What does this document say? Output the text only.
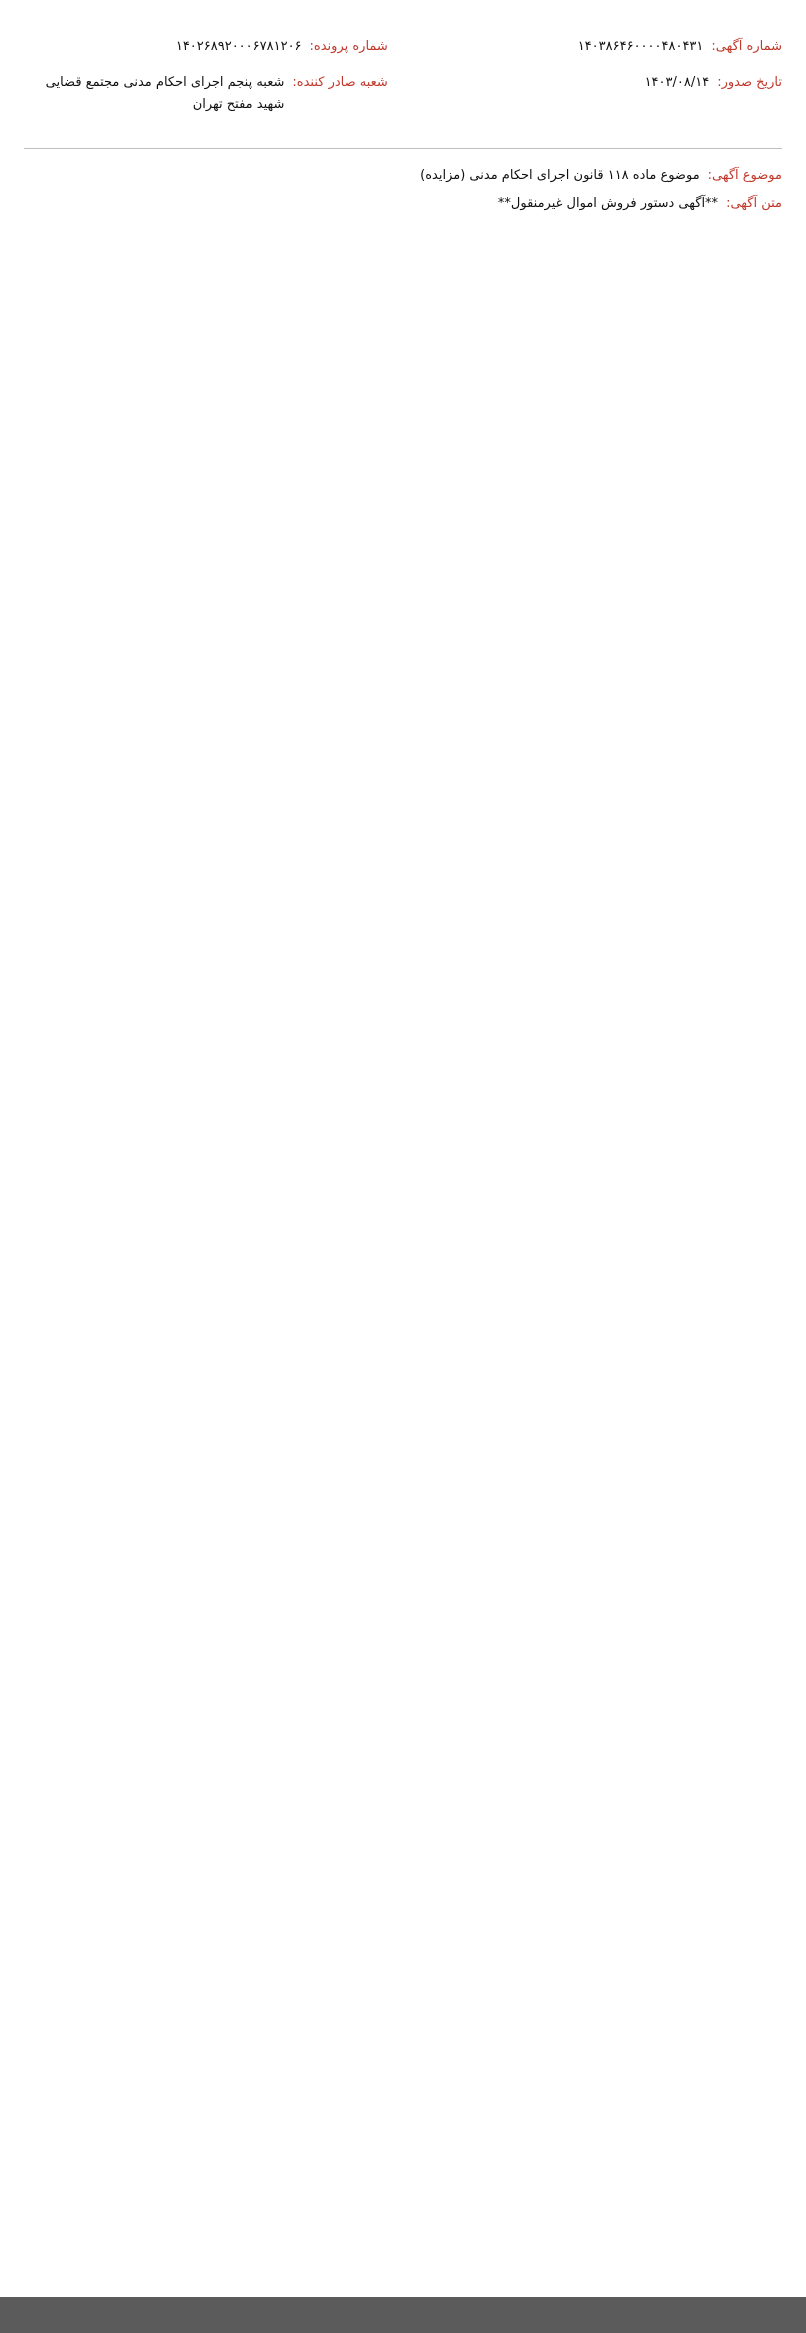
شماره آگهی:
۱۴۰۳۸۶۴۶۰۰۰۰۴۸۰۴۳۱
تاریخ صدور:
۱۴۰۳/۰۸/۱۴
شماره پرونده:
۱۴۰۲۶۸۹۲۰۰۰۶۷۸۱۲۰۶
شعبه صادر کننده:
شعبه پنجم اجرای احکام مدنی مجتمع قضایی شهید مفتح تهران
موضوع آگهی:
موضوع ماده ۱۱۸ قانون اجرای احکام مدنی (مزایده)
متن آگهی:
**آگهی دستور فروش اموال غیرمنقول**
